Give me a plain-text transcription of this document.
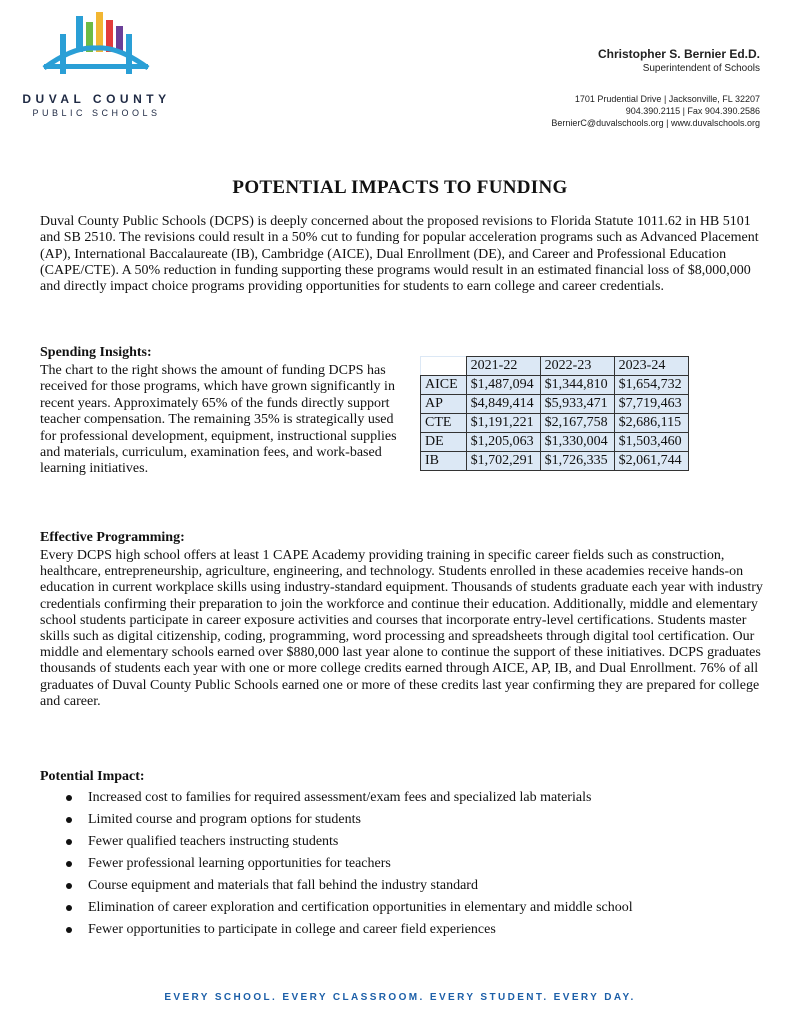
DUVAL COUNTY
PUBLIC SCHOOLS
Christopher S. Bernier Ed.D.
Superintendent of Schools
1701 Prudential Drive | Jacksonville, FL 32207
904.390.2115 | Fax 904.390.2586
BernierC@duvalschools.org | www.duvalschools.org
POTENTIAL IMPACTS TO FUNDING
Duval County Public Schools (DCPS) is deeply concerned about the proposed revisions to Florida Statute 1011.62 in HB 5101 and SB 2510. The revisions could result in a 50% cut to funding for popular acceleration programs such as Advanced Placement (AP), International Baccalaureate (IB), Cambridge (AICE), Dual Enrollment (DE), and Career and Professional Education (CAPE/CTE). A 50% reduction in funding supporting these programs would result in an estimated financial loss of $8,000,000 and directly impact choice programs providing opportunities for students to earn college and career credentials.
Spending Insights:
The chart to the right shows the amount of funding DCPS has received for those programs, which have grown significantly in recent years. Approximately 65% of the funds directly support teacher compensation. The remaining 35% is strategically used for professional development, equipment, instructional supplies and materials, curriculum, examination fees, and work-based learning initiatives.
	2021-22	2022-23	2023-24
AICE	$1,487,094	$1,344,810	$1,654,732
AP	$4,849,414	$5,933,471	$7,719,463
CTE	$1,191,221	$2,167,758	$2,686,115
DE	$1,205,063	$1,330,004	$1,503,460
IB	$1,702,291	$1,726,335	$2,061,744
Effective Programming:
Every DCPS high school offers at least 1 CAPE Academy providing training in specific career fields such as construction, healthcare, entrepreneurship, agriculture, engineering, and technology. Students enrolled in these academies receive hands-on education in current workplace skills using industry-standard equipment. Thousands of students graduate each year with industry credentials confirming their preparation to join the workforce and continue their education. Additionally, middle and elementary school students participate in career exposure activities and courses that incorporate entry-level certifications. Students master skills such as digital citizenship, coding, programming, word processing and spreadsheets through digital tool certification. Our middle and elementary schools earned over $880,000 last year alone to continue the support of these initiatives. DCPS graduates thousands of students each year with one or more college credits earned through AICE, AP, IB, and Dual Enrollment. 76% of all graduates of Duval County Public Schools earned one or more of these credits last year confirming they are prepared for college and career.
Potential Impact:
Increased cost to families for required assessment/exam fees and specialized lab materials
Limited course and program options for students
Fewer qualified teachers instructing students
Fewer professional learning opportunities for teachers
Course equipment and materials that fall behind the industry standard
Elimination of career exploration and certification opportunities in elementary and middle school
Fewer opportunities to participate in college and career field experiences
EVERY SCHOOL. EVERY CLASSROOM. EVERY STUDENT. EVERY DAY.
